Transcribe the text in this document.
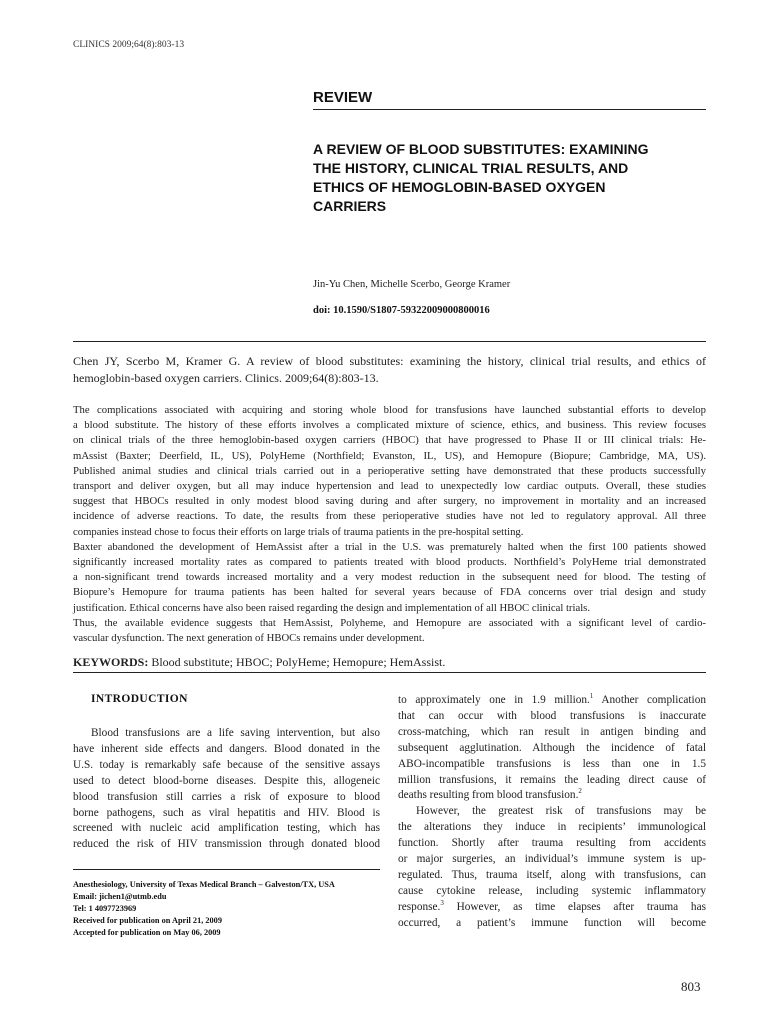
CLINICS 2009;64(8):803-13
REVIEW
A REVIEW OF BLOOD SUBSTITUTES: EXAMINING
THE HISTORY, CLINICAL TRIAL RESULTS, AND
ETHICS OF HEMOGLOBIN-BASED OXYGEN
CARRIERS
Jin-Yu Chen, Michelle Scerbo, George Kramer
doi: 10.1590/S1807-59322009000800016
Chen JY, Scerbo M, Kramer G. A review of blood substitutes: examining the history, clinical trial results, and ethics of hemoglobin-based oxygen carriers. Clinics. 2009;64(8):803-13.
The complications associated with acquiring and storing whole blood for transfusions have launched substantial efforts to develop
a blood substitute. The history of these efforts involves a complicated mixture of science, ethics, and business. This review focuses
on clinical trials of the three hemoglobin-based oxygen carriers (HBOC) that have progressed to Phase II or III clinical trials: He-
mAssist (Baxter; Deerfield, IL, US), PolyHeme (Northfield; Evanston, IL, US), and Hemopure (Biopure; Cambridge, MA, US).
Published animal studies and clinical trials carried out in a perioperative setting have demonstrated that these products successfully
transport and deliver oxygen, but all may induce hypertension and lead to unexpectedly low cardiac outputs. Overall, these studies
suggest that HBOCs resulted in only modest blood saving during and after surgery, no improvement in mortality and an increased
incidence of adverse reactions. To date, the results from these perioperative studies have not led to regulatory approval. All three
companies instead chose to focus their efforts on large trials of trauma patients in the pre-hospital setting.
Baxter abandoned the development of HemAssist after a trial in the U.S. was prematurely halted when the first 100 patients showed
significantly increased mortality rates as compared to patients treated with blood products. Northfield’s PolyHeme trial demonstrated
a non-significant trend towards increased mortality and a very modest reduction in the subsequent need for blood. The testing of
Biopure’s Hemopure for trauma patients has been halted for several years because of FDA concerns over trial design and study
justification. Ethical concerns have also been raised regarding the design and implementation of all HBOC clinical trials.
Thus, the available evidence suggests that HemAssist, Polyheme, and Hemopure are associated with a significant level of cardio-
vascular dysfunction. The next generation of HBOCs remains under development.
KEYWORDS: Blood substitute; HBOC; PolyHeme; Hemopure; HemAssist.
INTRODUCTION
Blood transfusions are a life saving intervention, but also
have inherent side effects and dangers. Blood donated in the
U.S. today is remarkably safe because of the sensitive assays
used to detect blood-borne diseases. Despite this, allogeneic
blood transfusion still carries a risk of exposure to blood
borne pathogens, such as viral hepatitis and HIV. Blood is
screened with nucleic acid amplification testing, which has
reduced the risk of HIV transmission through donated blood
Anesthesiology, University of Texas Medical Branch – Galveston/TX, USA
Email: jichen1@utmb.edu
Tel: 1 4097723969
Received for publication on April 21, 2009
Accepted for publication on May 06, 2009
to approximately one in 1.9 million.$^1$ Another complication
that can occur with blood transfusions is inaccurate
cross-matching, which ran result in antigen binding and
subsequent agglutination. Although the incidence of fatal
ABO-incompatible transfusions is less than one in 1.5
million transfusions, it remains the leading direct cause of
deaths resulting from blood transfusion.$^2$
However, the greatest risk of transfusions may be
the alterations they induce in recipients’ immunological
function. Shortly after trauma resulting from accidents
or major surgeries, an individual’s immune system is up-
regulated. Thus, trauma itself, along with transfusions, can
cause cytokine release, including systemic inflammatory
response.$^3$ However, as time elapses after trauma has
occurred, a patient’s immune function will become
803
